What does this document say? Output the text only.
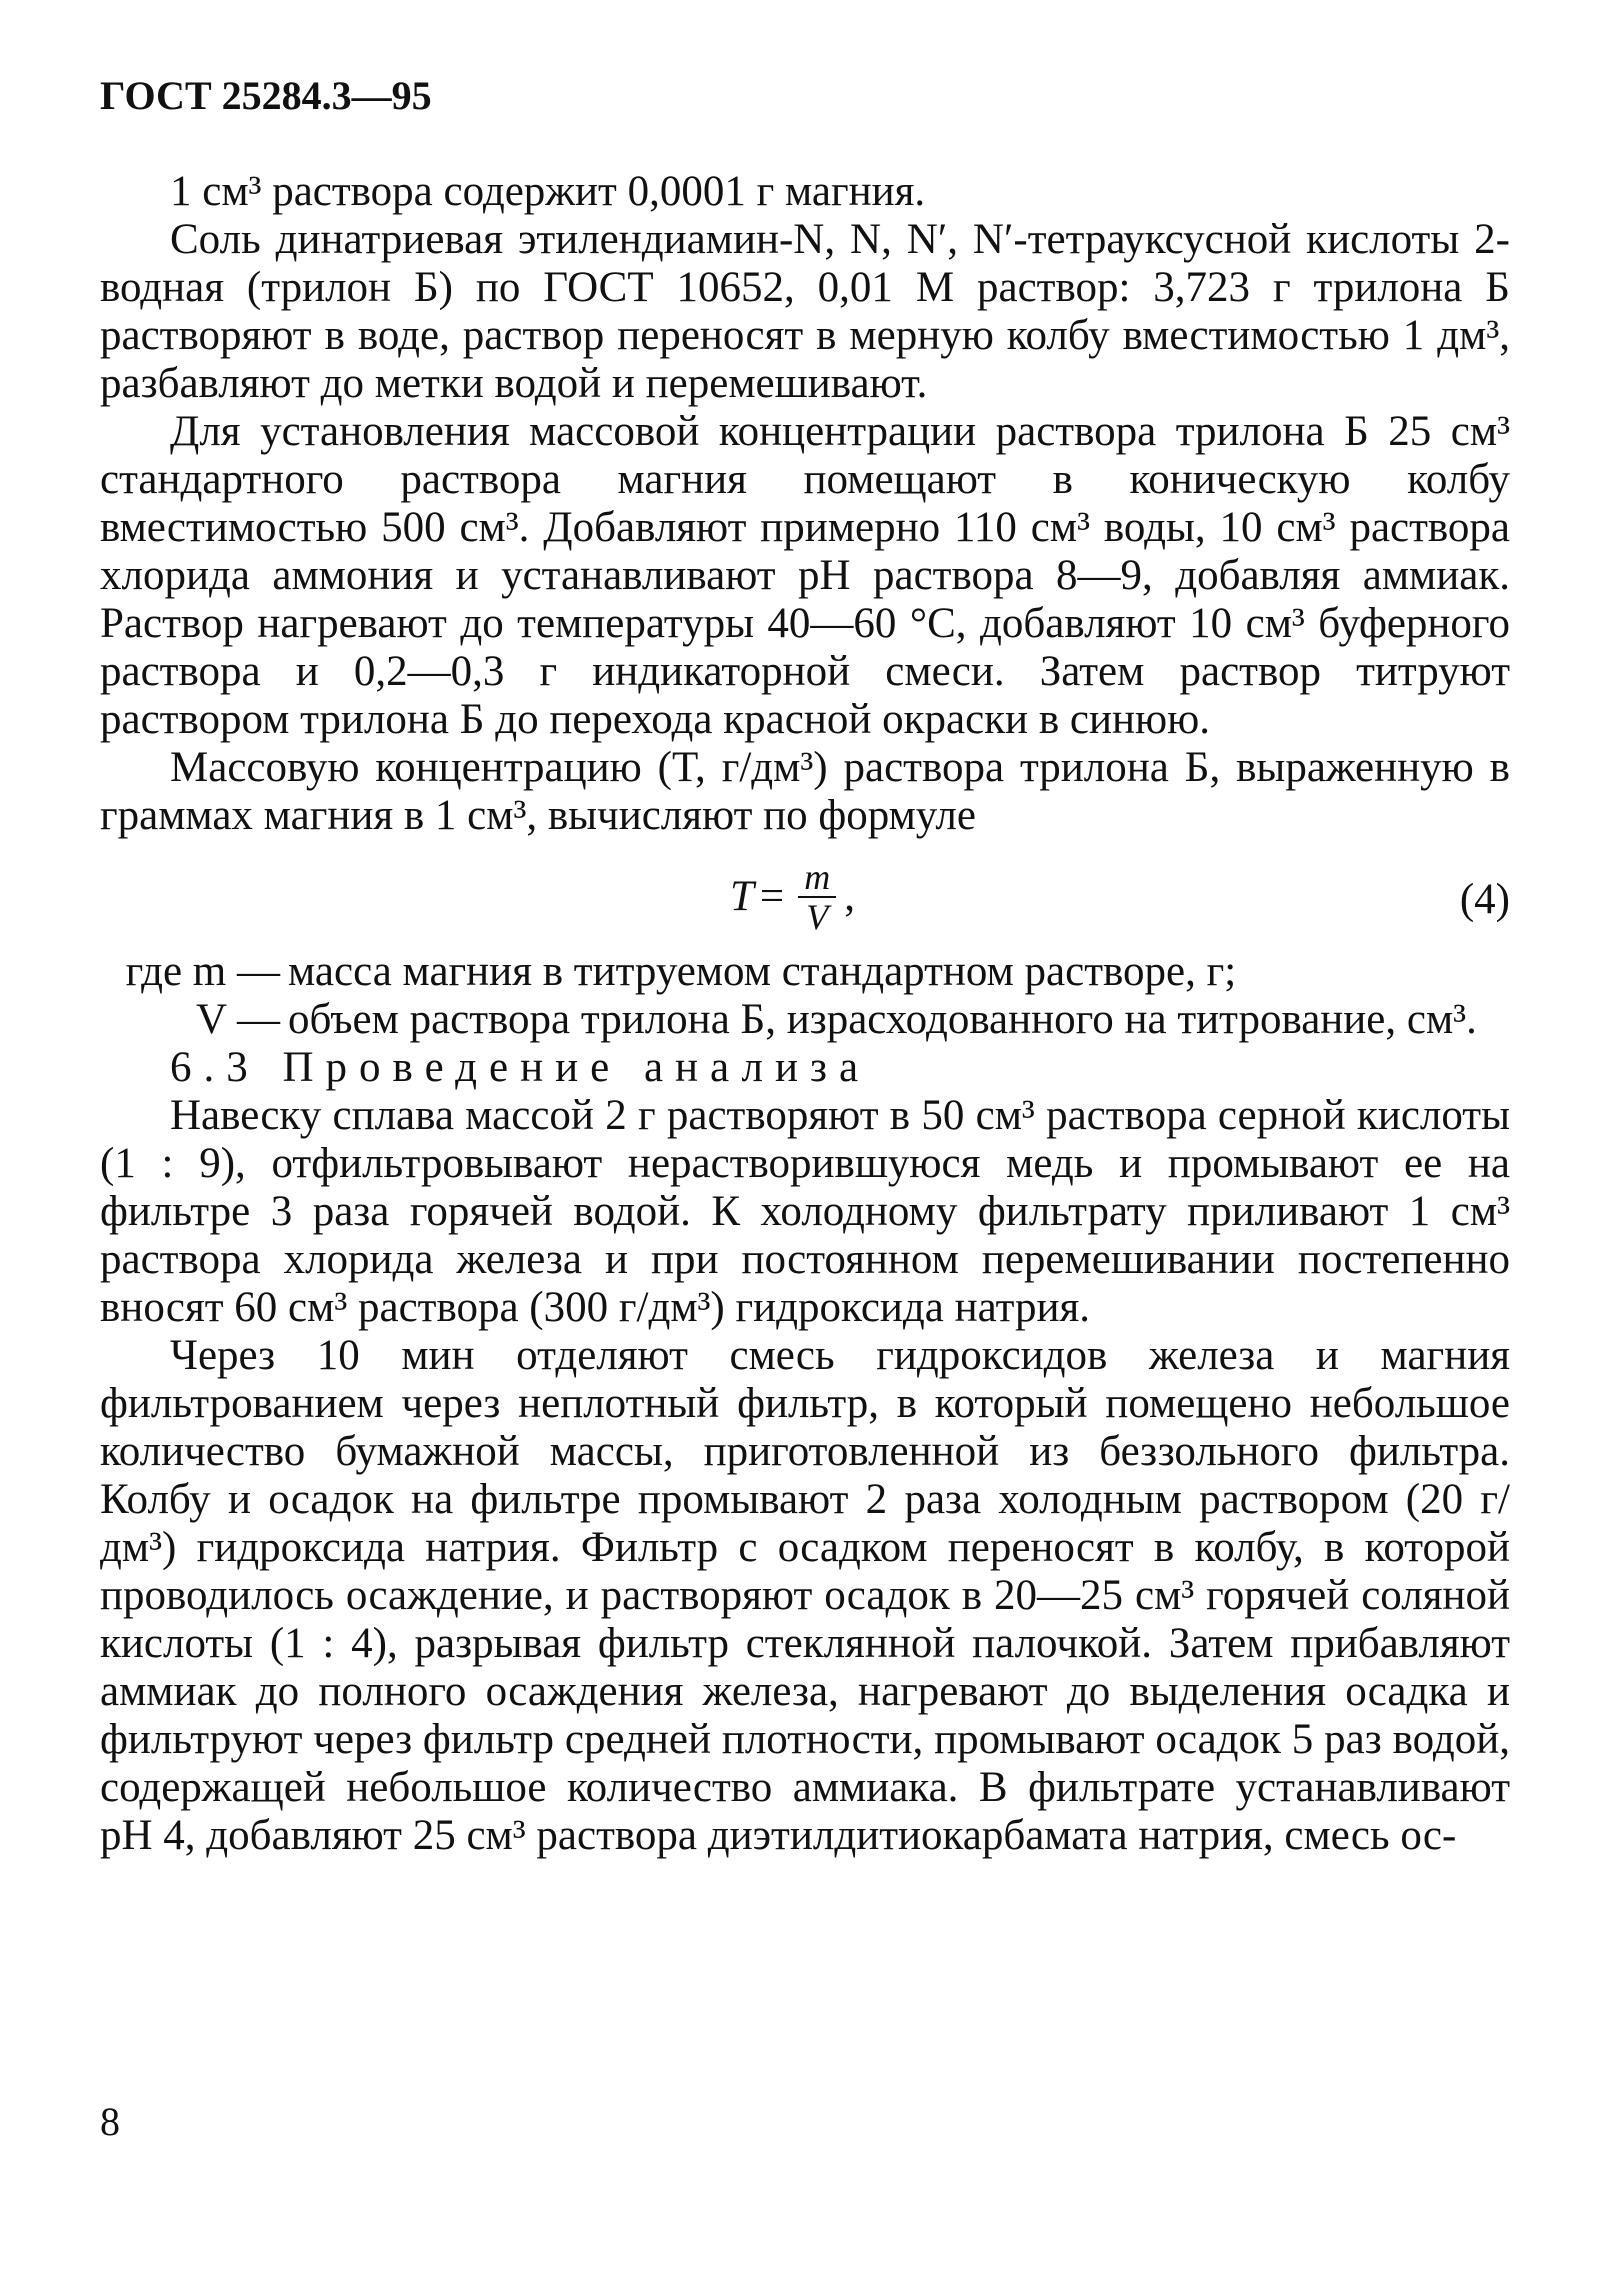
ГОСТ 25284.3—95

1 см³ раствора содержит 0,0001 г магния.

Соль динатриевая этилендиамин-N, N, N′, N′-тетрауксусной кислоты 2-водная (трилон Б) по ГОСТ 10652, 0,01 М раствор: 3,723 г трилона Б растворяют в воде, раствор переносят в мерную колбу вместимостью 1 дм³, разбавляют до метки водой и перемешивают.

Для установления массовой концентрации раствора трилона Б 25 см³ стандартного раствора магния помещают в коническую колбу вместимостью 500 см³. Добавляют примерно 110 см³ воды, 10 см³ раствора хлорида аммония и устанавливают pH раствора 8—9, добавляя аммиак. Раствор нагревают до температуры 40—60 °С, добавляют 10 см³ буферного раствора и 0,2—0,3 г индикаторной смеси. Затем раствор титруют раствором трилона Б до перехода красной окраски в синюю.

Массовую концентрацию (T, г/дм³) раствора трилона Б, выраженную в граммах магния в 1 см³, вычисляют по формуле

$T = \frac{m}{V}$ ,	(4)
где m — масса магния в титруемом стандартном растворе, г;
V — объем раствора трилона Б, израсходованного на титрование, см³.

6.3 Проведение анализа

Навеску сплава массой 2 г растворяют в 50 см³ раствора серной кислоты (1 : 9), отфильтровывают нерастворившуюся медь и промывают ее на фильтре 3 раза горячей водой. К холодному фильтрату приливают 1 см³ раствора хлорида железа и при постоянном перемешивании постепенно вносят 60 см³ раствора (300 г/дм³) гидроксида натрия.

Через 10 мин отделяют смесь гидроксидов железа и магния фильтрованием через неплотный фильтр, в который помещено небольшое количество бумажной массы, приготовленной из беззольного фильтра. Колбу и осадок на фильтре промывают 2 раза холодным раствором (20 г/дм³) гидроксида натрия. Фильтр с осадком переносят в колбу, в которой проводилось осаждение, и растворяют осадок в 20—25 см³ горячей соляной кислоты (1 : 4), разрывая фильтр стеклянной палочкой. Затем прибавляют аммиак до полного осаждения железа, нагревают до выделения осадка и фильтруют через фильтр средней плотности, промывают осадок 5 раз водой, содержащей небольшое количество аммиака. В фильтрате устанавливают pH 4, добавляют 25 см³ раствора диэтилдитиокарбамата натрия, смесь ос-

8
